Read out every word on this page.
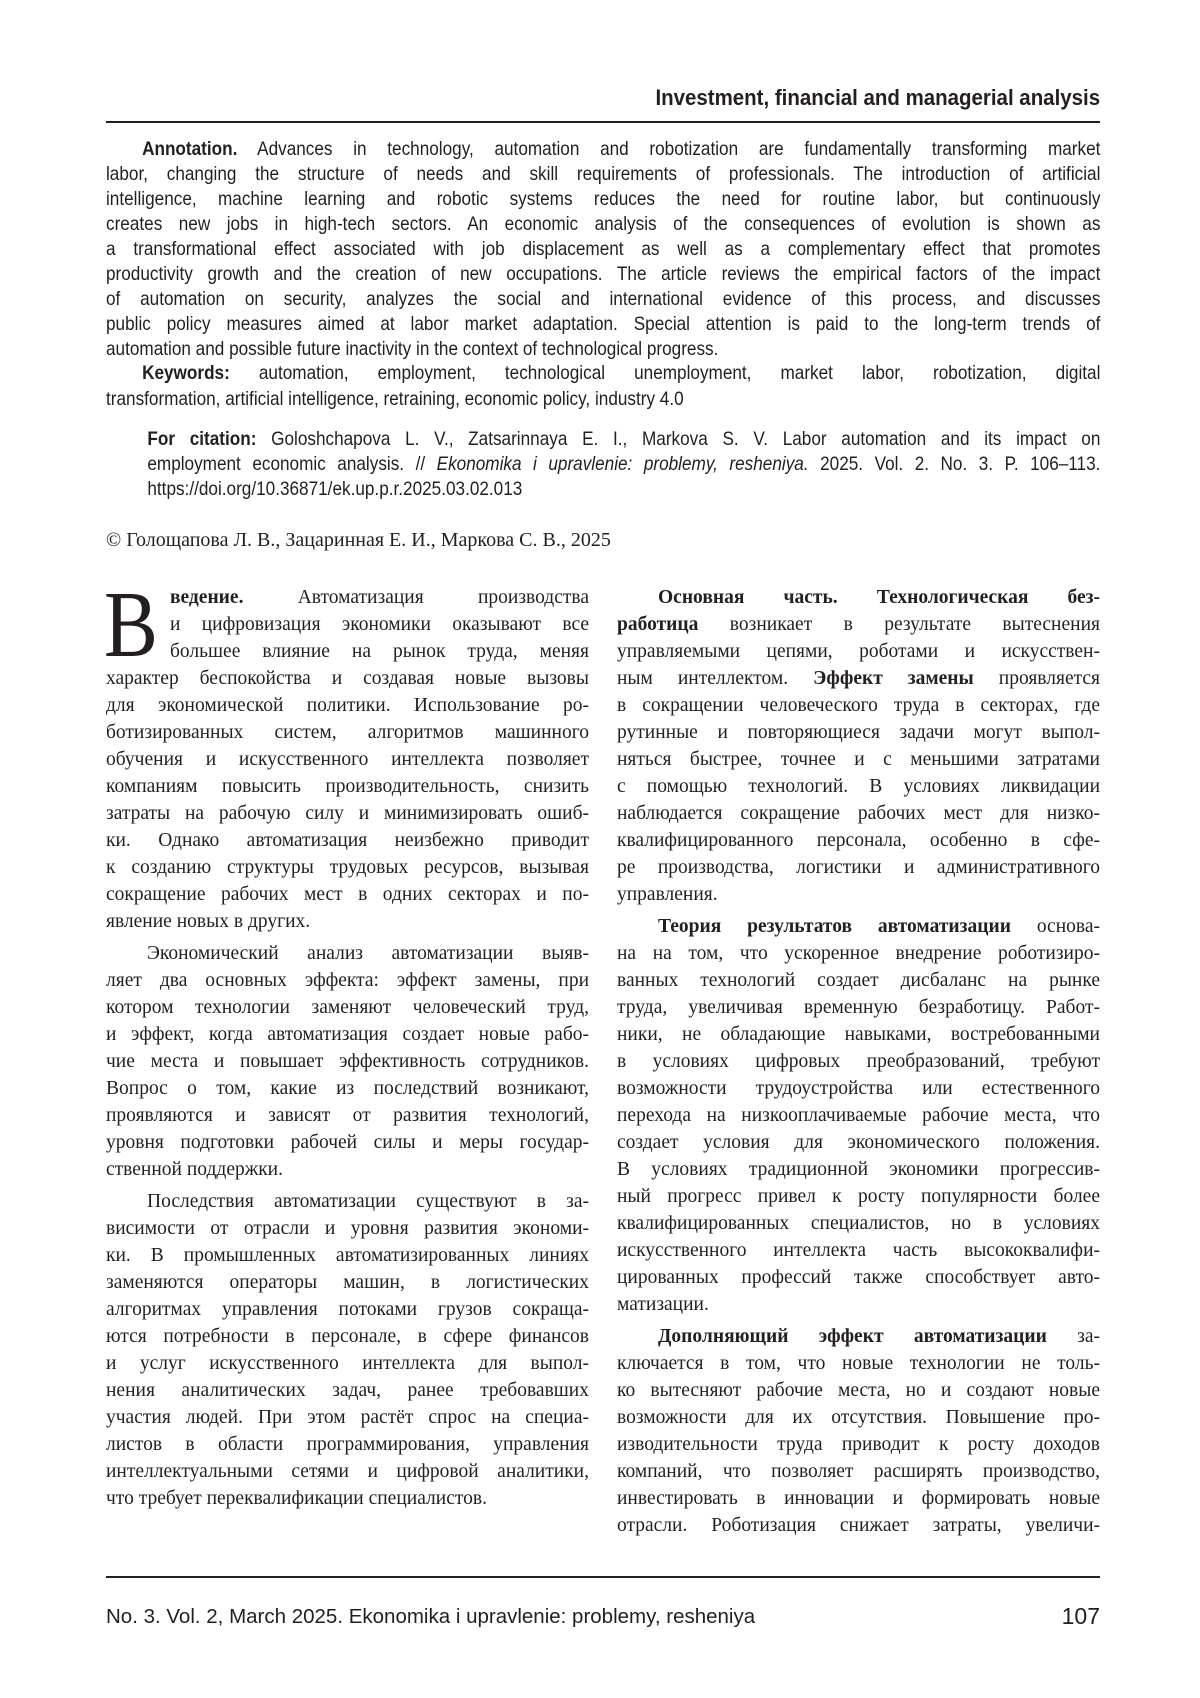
Investment, financial and managerial analysis
Annotation. Advances in technology, automation and robotization are fundamentally transforming market
labor, changing the structure of needs and skill requirements of professionals. The introduction of artificial
intelligence, machine learning and robotic systems reduces the need for routine labor, but continuously
creates new jobs in high-tech sectors. An economic analysis of the consequences of evolution is shown as
a transformational effect associated with job displacement as well as a complementary effect that promotes
productivity growth and the creation of new occupations. The article reviews the empirical factors of the impact
of automation on security, analyzes the social and international evidence of this process, and discusses
public policy measures aimed at labor market adaptation. Special attention is paid to the long-term trends of
automation and possible future inactivity in the context of technological progress.
Keywords: automation, employment, technological unemployment, market labor, robotization, digital
transformation, artificial intelligence, retraining, economic policy, industry 4.0
For citation: Goloshchapova L. V., Zatsarinnaya E. I., Markova S. V. Labor automation and its impact on
employment economic analysis. // Ekonomika i upravlenie: problemy, resheniya. 2025. Vol. 2. No. 3. P. 106–113.
https://doi.org/10.36871/ek.up.p.r.2025.03.02.013
© Голощапова Л. В., Зацаринная Е. И., Маркова С. В., 2025
В ведение. Автоматизация производства
и цифровизация экономики оказывают все
большее влияние на рынок труда, меняя
характер беспокойства и создавая новые вызовы
для экономической политики. Использование ро-
ботизированных систем, алгоритмов машинного
обучения и искусственного интеллекта позволяет
компаниям повысить производительность, снизить
затраты на рабочую силу и минимизировать ошиб-
ки. Однако автоматизация неизбежно приводит
к созданию структуры трудовых ресурсов, вызывая
сокращение рабочих мест в одних секторах и по-
явление новых в других.
Экономический анализ автоматизации выяв-
ляет два основных эффекта: эффект замены, при
котором технологии заменяют человеческий труд,
и эффект, когда автоматизация создает новые рабо-
чие места и повышает эффективность сотрудников.
Вопрос о том, какие из последствий возникают,
проявляются и зависят от развития технологий,
уровня подготовки рабочей силы и меры государ-
ственной поддержки.
Последствия автоматизации существуют в за-
висимости от отрасли и уровня развития экономи-
ки. В промышленных автоматизированных линиях
заменяются операторы машин, в логистических
алгоритмах управления потоками грузов сокраща-
ются потребности в персонале, в сфере финансов
и услуг искусственного интеллекта для выпол-
нения аналитических задач, ранее требовавших
участия людей. При этом растёт спрос на специа-
листов в области программирования, управления
интеллектуальными сетями и цифровой аналитики,
что требует переквалификации специалистов.
Основная часть. Технологическая без-
работица возникает в результате вытеснения
управляемыми цепями, роботами и искусствен-
ным интеллектом. Эффект замены проявляется
в сокращении человеческого труда в секторах, где
рутинные и повторяющиеся задачи могут выпол-
няться быстрее, точнее и с меньшими затратами
с помощью технологий. В условиях ликвидации
наблюдается сокращение рабочих мест для низко-
квалифицированного персонала, особенно в сфе-
ре производства, логистики и административного
управления.
Теория результатов автоматизации основа-
на на том, что ускоренное внедрение роботизиро-
ванных технологий создает дисбаланс на рынке
труда, увеличивая временную безработицу. Работ-
ники, не обладающие навыками, востребованными
в условиях цифровых преобразований, требуют
возможности трудоустройства или естественного
перехода на низкооплачиваемые рабочие места, что
создает условия для экономического положения.
В условиях традиционной экономики прогрессив-
ный прогресс привел к росту популярности более
квалифицированных специалистов, но в условиях
искусственного интеллекта часть высококвалифи-
цированных профессий также способствует авто-
матизации.
Дополняющий эффект автоматизации за-
ключается в том, что новые технологии не толь-
ко вытесняют рабочие места, но и создают новые
возможности для их отсутствия. Повышение про-
изводительности труда приводит к росту доходов
компаний, что позволяет расширять производство,
инвестировать в инновации и формировать новые
отрасли. Роботизация снижает затраты, увеличи-
No. 3. Vol. 2, March 2025. Ekonomika i upravlenie: problemy, resheniya	107
